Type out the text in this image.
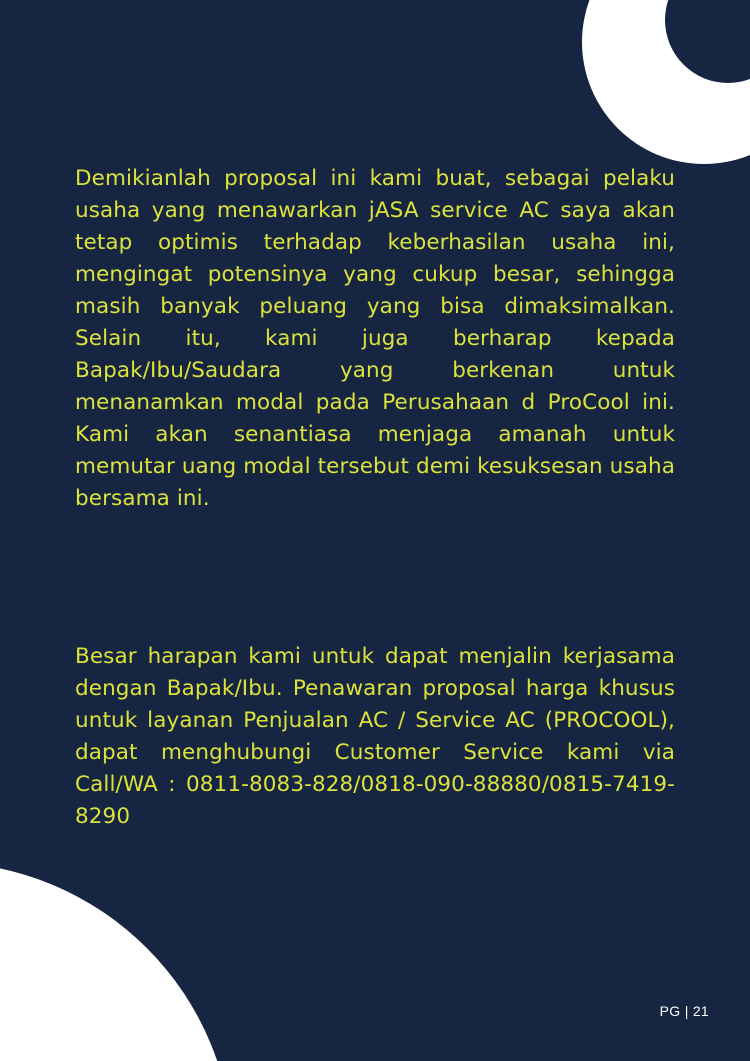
Demikianlah proposal ini kami buat, sebagai pelaku usaha yang menawarkan jASA service AC saya akan tetap optimis terhadap keberhasilan usaha ini, mengingat potensinya yang cukup besar, sehingga masih banyak peluang yang bisa dimaksimalkan. Selain itu, kami juga berharap kepada Bapak/Ibu/Saudara yang berkenan untuk menanamkan modal pada Perusahaan d ProCool ini. Kami akan senantiasa menjaga amanah untuk memutar uang modal tersebut demi kesuksesan usaha bersama ini.

Besar harapan kami untuk dapat menjalin kerjasama dengan Bapak/Ibu. Penawaran proposal harga khusus untuk layanan Penjualan AC / Service AC (PROCOOL), dapat menghubungi Customer Service kami via Call/WA : 0811-8083-828/0818-090-88880/0815-7419-8290

PG | 21
